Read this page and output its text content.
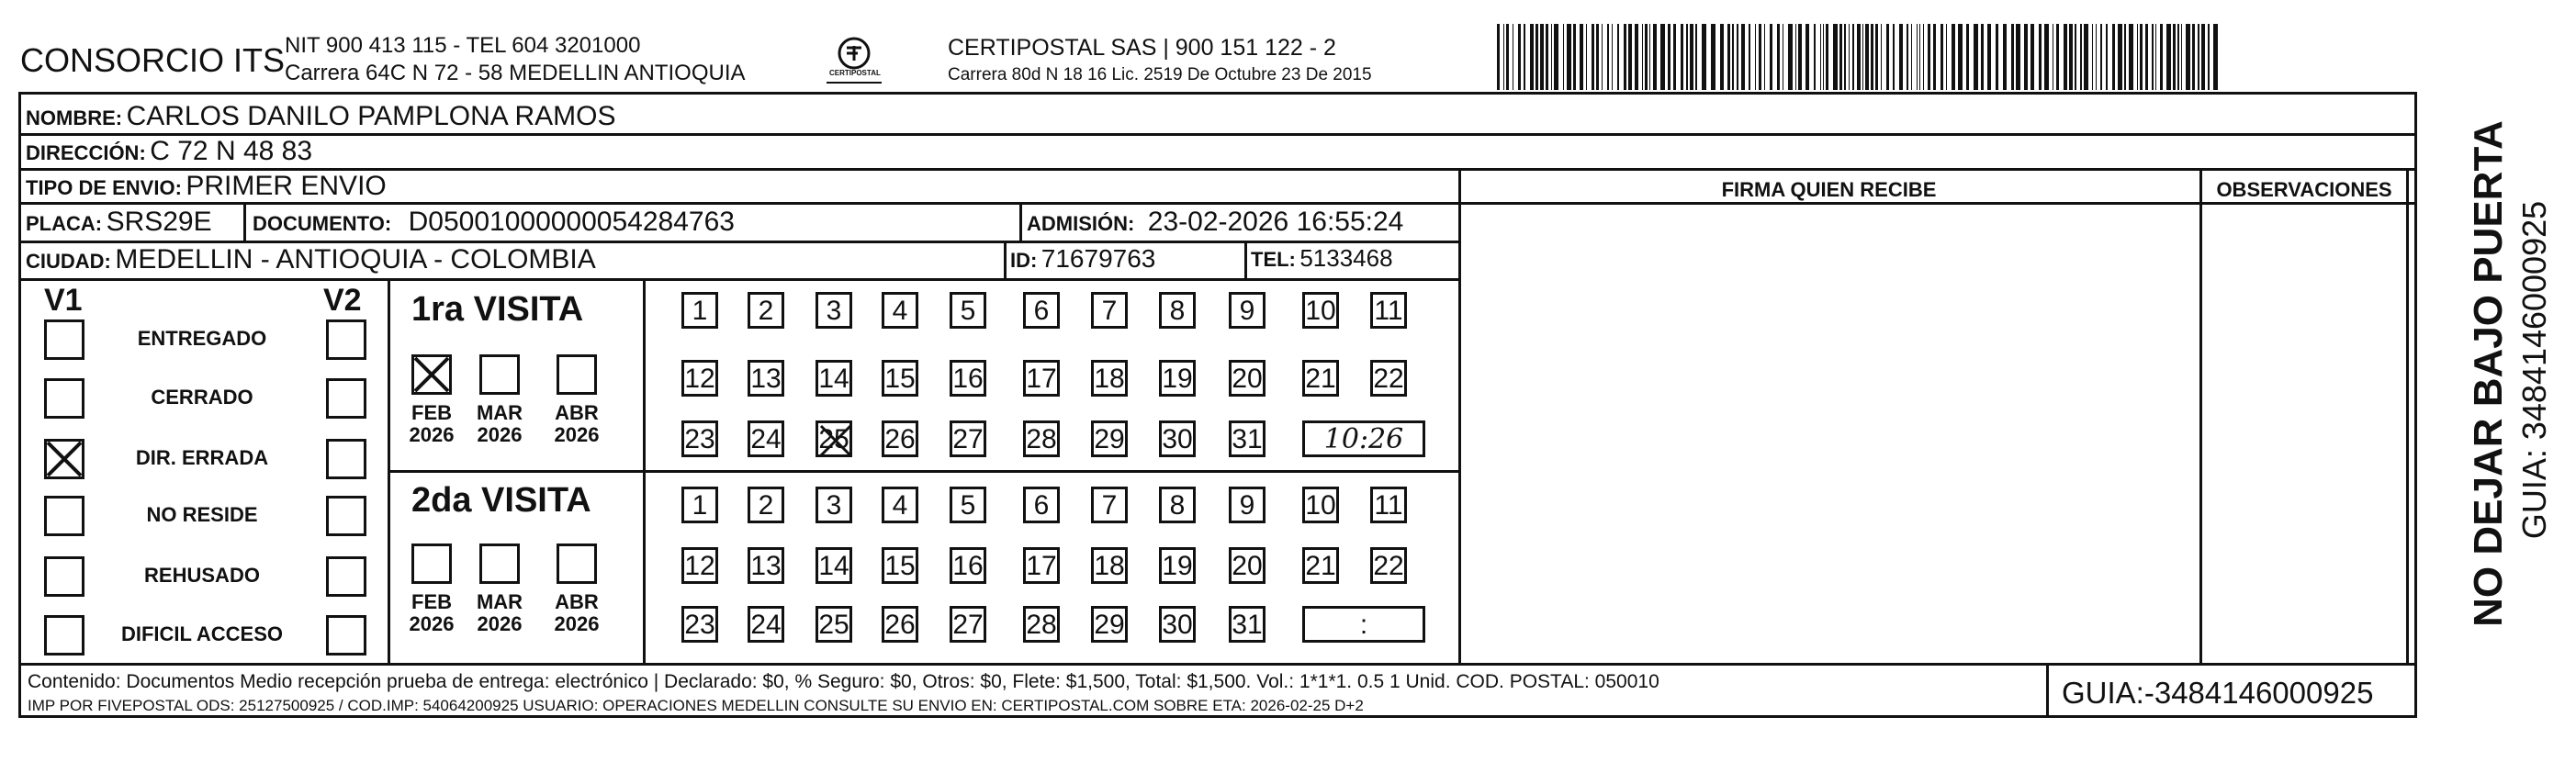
CONSORCIO ITS NIT 900 413 115 - TEL 604 3201000
Carrera 64C N 72 - 58 MEDELLIN ANTIOQUIA	CERTIPOSTAL
CERTIPOSTAL SAS | 900 151 122 - 2
Carrera 80d N 18 16 Lic. 2519 De Octubre 23 De 2015
NOMBRE: CARLOS DANILO PAMPLONA RAMOS
DIRECCIÓN: C 72 N 48 83
TIPO DE ENVIO: PRIMER ENVIO
PLACA: SRS29E DOCUMENTO: D05001000000054284763	ADMISIÓN: 23-02-2026 16:55:24
CIUDAD: MEDELLIN - ANTIOQUIA - COLOMBIA	ID: 71679763	TEL: 5133468
FIRMA QUIEN RECIBE	OBSERVACIONES
V1	V2
ENTREGADO
CERRADO
DIR. ERRADA
NO RESIDE
REHUSADO
DIFICIL ACCESO
1ra VISITA
2da VISITA
FEB
2026
MAR
2026
ABR
2026
FEB
2026
MAR
2026
ABR
2026
1	2	3	4	5	6	7	8	9	10 11
12 13 14 15 16 17 18 19 20 21 22
23 24 25 26 27 28 29 30 31	10:26
1	2	3	4	5	6	7	8	9	10 11
12 13 14 15 16 17 18 19 20 21 22
23 24 25 26 27 28 29 30 31	:
Contenido: Documentos Medio recepción prueba de entrega: electrónico | Declarado: $0, % Seguro: $0, Otros: $0, Flete: $1,500, Total: $1,500. Vol.: 1*1*1. 0.5 1 Unid. COD. POSTAL: 050010
IMP POR FIVEPOSTAL ODS: 25127500925 / COD.IMP: 54064200925 USUARIO: OPERACIONES MEDELLIN CONSULTE SU ENVIO EN: CERTIPOSTAL.COM SOBRE ETA: 2026-02-25 D+2	GUIA:-3484146000925
NO DEJAR BAJO PUERTA GUIA: 3484146000925
